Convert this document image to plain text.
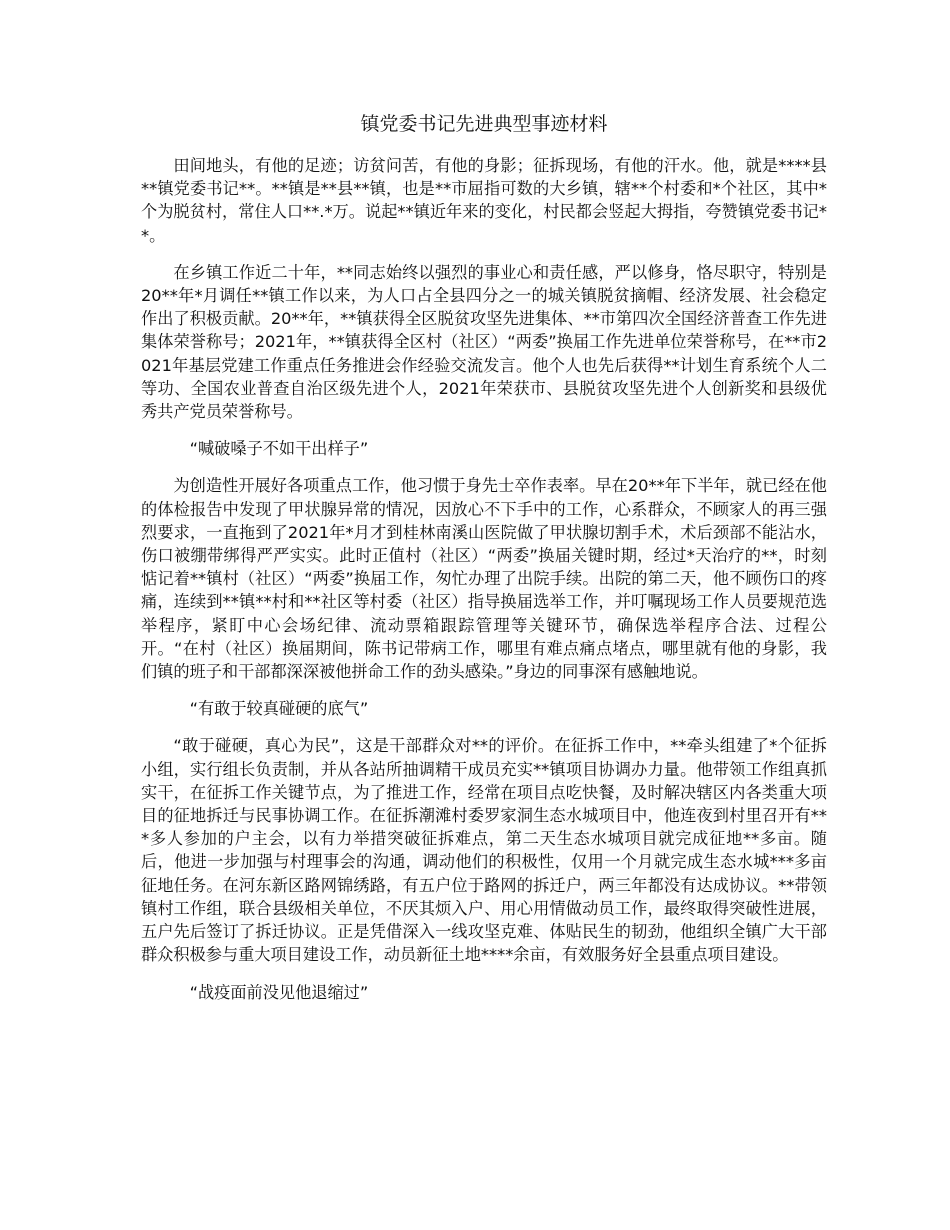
镇党委书记先进典型事迹材料

田间地头，有他的足迹；访贫问苦，有他的身影；征拆现场，有他的汗水。他，就是****县**镇党委书记**。**镇是**县**镇，也是**市屈指可数的大乡镇，辖**个村委和*个社区，其中*个为脱贫村，常住人口**.*万。说起**镇近年来的变化，村民都会竖起大拇指，夸赞镇党委书记**。

在乡镇工作近二十年，**同志始终以强烈的事业心和责任感，严以修身，恪尽职守，特别是20**年*月调任**镇工作以来，为人口占全县四分之一的城关镇脱贫摘帽、经济发展、社会稳定作出了积极贡献。20**年，**镇获得全区脱贫攻坚先进集体、**市第四次全国经济普查工作先进集体荣誉称号；2021年，**镇获得全区村（社区）“两委”换届工作先进单位荣誉称号，在**市2021年基层党建工作重点任务推进会作经验交流发言。他个人也先后获得**计划生育系统个人二等功、全国农业普查自治区级先进个人，2021年荣获市、县脱贫攻坚先进个人创新奖和县级优秀共产党员荣誉称号。

“喊破嗓子不如干出样子”

为创造性开展好各项重点工作，他习惯于身先士卒作表率。早在20**年下半年，就已经在他的体检报告中发现了甲状腺异常的情况，因放心不下手中的工作，心系群众，不顾家人的再三强烈要求，一直拖到了2021年*月才到桂林南溪山医院做了甲状腺切割手术，术后颈部不能沾水，伤口被绷带绑得严严实实。此时正值村（社区）“两委”换届关键时期，经过*天治疗的**，时刻惦记着**镇村（社区）“两委”换届工作，匆忙办理了出院手续。出院的第二天，他不顾伤口的疼痛，连续到**镇**村和**社区等村委（社区）指导换届选举工作，并叮嘱现场工作人员要规范选举程序，紧盯中心会场纪律、流动票箱跟踪管理等关键环节，确保选举程序合法、过程公开。“在村（社区）换届期间，陈书记带病工作，哪里有难点痛点堵点，哪里就有他的身影，我们镇的班子和干部都深深被他拼命工作的劲头感染。”身边的同事深有感触地说。

“有敢于较真碰硬的底气”

“敢于碰硬，真心为民”，这是干部群众对**的评价。在征拆工作中，**牵头组建了*个征拆小组，实行组长负责制，并从各站所抽调精干成员充实**镇项目协调办力量。他带领工作组真抓实干，在征拆工作关键节点，为了推进工作，经常在项目点吃快餐，及时解决辖区内各类重大项目的征地拆迁与民事协调工作。在征拆潮滩村委罗家洞生态水城项目中，他连夜到村里召开有***多人参加的户主会，以有力举措突破征拆难点，第二天生态水城项目就完成征地**多亩。随后，他进一步加强与村理事会的沟通，调动他们的积极性，仅用一个月就完成生态水城***多亩征地任务。在河东新区路网锦绣路，有五户位于路网的拆迁户，两三年都没有达成协议。**带领镇村工作组，联合县级相关单位，不厌其烦入户、用心用情做动员工作，最终取得突破性进展，五户先后签订了拆迁协议。正是凭借深入一线攻坚克难、体贴民生的韧劲，他组织全镇广大干部群众积极参与重大项目建设工作，动员新征土地****余亩，有效服务好全县重点项目建设。

“战疫面前没见他退缩过”
